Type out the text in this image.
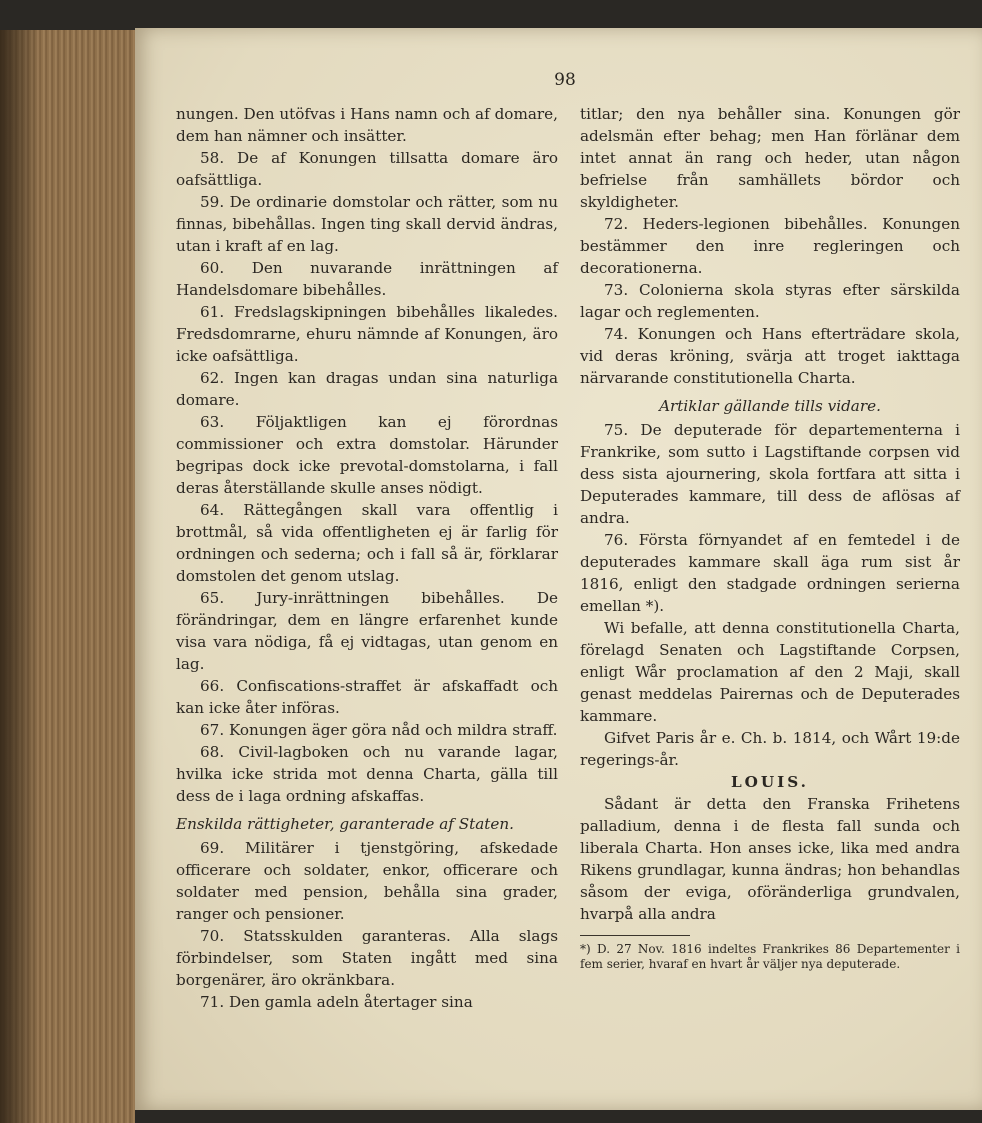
98

nungen. Den utöfvas i Hans namn och af domare, dem han nämner och insätter.

58. De af Konungen tillsatta domare äro oafsättliga.

59. De ordinarie domstolar och rätter, som nu finnas, bibehållas. Ingen ting skall dervid ändras, utan i kraft af en lag.

60. Den nuvarande inrättningen af Handelsdomare bibehålles.

61. Fredslagskipningen bibehålles likaledes. Fredsdomrarne, ehuru nämnde af Konungen, äro icke oafsättliga.

62. Ingen kan dragas undan sina naturliga domare.

63. Följaktligen kan ej förordnas commissioner och extra domstolar. Härunder begripas dock icke prevotal-domstolarna, i fall deras återställande skulle anses nödigt.

64. Rättegången skall vara offentlig i brottmål, så vida offentligheten ej är farlig för ordningen och sederna; och i fall så är, förklarar domstolen det genom utslag.

65. Jury-inrättningen bibehålles. De förändringar, dem en längre erfarenhet kunde visa vara nödiga, få ej vidtagas, utan genom en lag.

66. Confiscations-straffet är afskaffadt och kan icke åter införas.

67. Konungen äger göra nåd och mildra straff.

68. Civil-lagboken och nu varande lagar, hvilka icke strida mot denna Charta, gälla till dess de i laga ordning afskaffas.

Enskilda rättigheter, garanterade af Staten.

69. Militärer i tjenstgöring, afskedade officerare och soldater, enkor, officerare och soldater med pension, behålla sina grader, ranger och pensioner.

70. Statsskulden garanteras. Alla slags förbindelser, som Staten ingått med sina borgenärer, äro okränkbara.

71. Den gamla adeln återtager sina

titlar; den nya behåller sina. Konungen gör adelsmän efter behag; men Han förlänar dem intet annat än rang och heder, utan någon befrielse från samhällets bördor och skyldigheter.

72. Heders-legionen bibehålles. Konungen bestämmer den inre regleringen och decorationerna.

73. Colonierna skola styras efter särskilda lagar och reglementen.

74. Konungen och Hans efterträdare skola, vid deras kröning, svärja att troget iakttaga närvarande constitutionella Charta.

Artiklar gällande tills vidare.

75. De deputerade för departementerna i Frankrike, som sutto i Lagstiftande corpsen vid dess sista ajournering, skola fortfara att sitta i Deputerades kammare, till dess de aflösas af andra.

76. Första förnyandet af en femtedel i de deputerades kammare skall äga rum sist år 1816, enligt den stadgade ordningen serierna emellan *).

Wi befalle, att denna constitutionella Charta, förelagd Senaten och Lagstiftande Corpsen, enligt Wår proclamation af den 2 Maji, skall genast meddelas Pairernas och de Deputerades kammare.

Gifvet Paris år e. Ch. b. 1814, och Wårt 19:de regerings-år.

LOUIS.

Sådant är detta den Franska Frihetens palladium, denna i de flesta fall sunda och liberala Charta. Hon anses icke, lika med andra Rikens grundlagar, kunna ändras; hon behandlas såsom der eviga, oföränderliga grundvalen, hvarpå alla andra

*) D. 27 Nov. 1816 indeltes Frankrikes 86 Departementer i fem serier, hvaraf en hvart år väljer nya deputerade.
